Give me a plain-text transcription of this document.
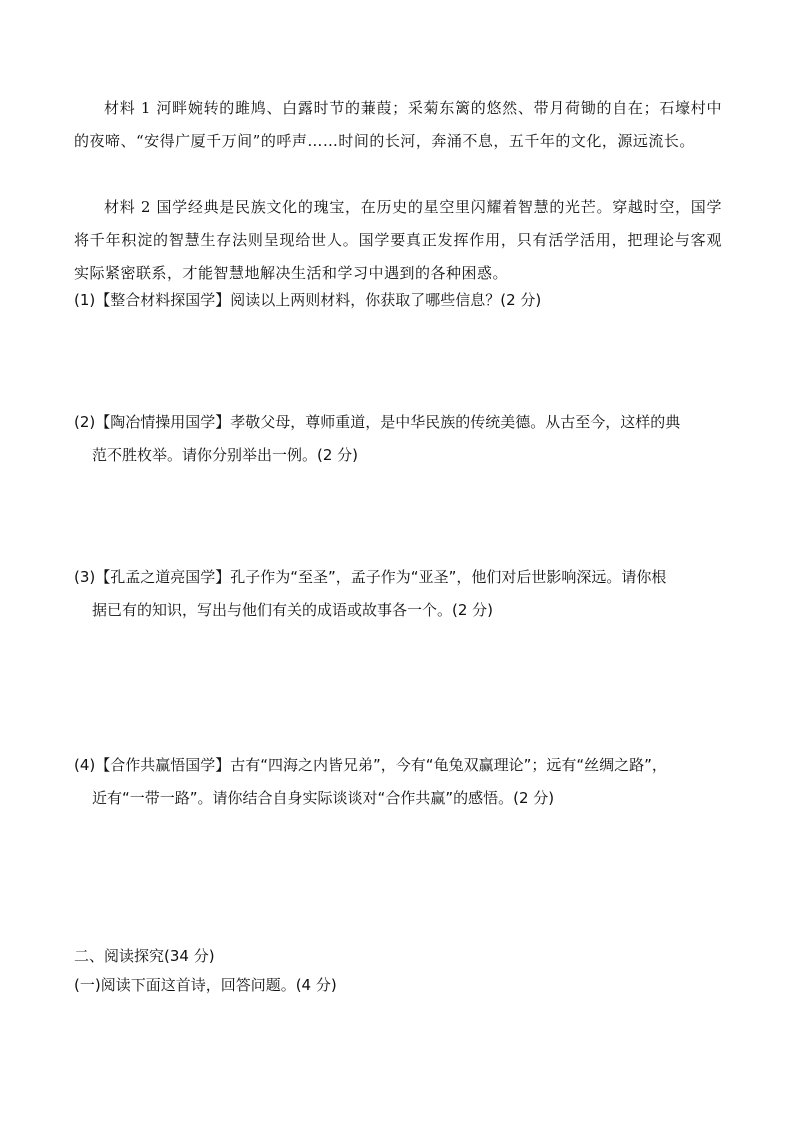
材料 1 河畔婉转的雎鸠、白露时节的蒹葭；采菊东篱的悠然、带月荷锄的自在；石壕村中的夜啼、“安得广厦千万间”的呼声……时间的长河，奔涌不息，五千年的文化，源远流长。
材料 2 国学经典是民族文化的瑰宝，在历史的星空里闪耀着智慧的光芒。穿越时空，国学将千年积淀的智慧生存法则呈现给世人。国学要真正发挥作用，只有活学活用，把理论与客观实际紧密联系，才能智慧地解决生活和学习中遇到的各种困惑。
(1)【整合材料探国学】阅读以上两则材料，你获取了哪些信息？(2 分)
(2)【陶冶情操用国学】孝敬父母，尊师重道，是中华民族的传统美德。从古至今，这样的典
范不胜枚举。请你分别举出一例。(2 分)
(3)【孔孟之道亮国学】孔子作为“至圣”，孟子作为“亚圣”，他们对后世影响深远。请你根
据已有的知识，写出与他们有关的成语或故事各一个。(2 分)
(4)【合作共赢悟国学】古有“四海之内皆兄弟”，今有“龟兔双赢理论”；远有“丝绸之路”，
近有“一带一路”。请你结合自身实际谈谈对“合作共赢”的感悟。(2 分)
二、阅读探究(34 分)
(一)阅读下面这首诗，回答问题。(4 分)
